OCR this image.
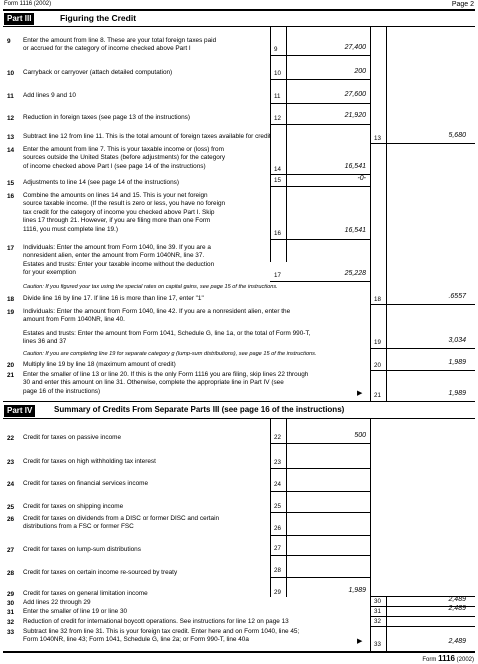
Form 1116 (2002)	Page 2
Part III	Figuring the Credit
9 Enter the amount from line 8. These are your total foreign taxes paid
or accrued for the category of income checked above Part I	9	27,400
10 Carryback or carryover (attach detailed computation)	10	200
11 Add lines 9 and 10	11	27,600
12 Reduction in foreign taxes (see page 13 of the instructions)	12	21,920
13 Subtract line 12 from line 11. This is the total amount of foreign taxes available for credit	13	5,680
14 Enter the amount from line 7. This is your taxable income or (loss) from
sources outside the United States (before adjustments) for the category
of income checked above Part I (see page 14 of the instructions)	14	16,541
15 Adjustments to line 14 (see page 14 of the instructions)	15	-0-
16 Combine the amounts on lines 14 and 15. This is your net foreign
source taxable income. (If the result is zero or less, you have no foreign
tax credit for the category of income you checked above Part I. Skip
lines 17 through 21. However, if you are filing more than one Form
1116, you must complete line 19.)
16	16,541
17 Individuals: Enter the amount from Form 1040, line 39. If you are a
nonresident alien, enter the amount from Form 1040NR, line 37.
Estates and trusts: Enter your taxable income without the deduction
for your exemption	17	25,228
Caution: If you figured your tax using the special rates on capital gains, see page 15 of the instructions.
18 Divide line 16 by line 17. If line 16 is more than line 17, enter "1"	18	.6557
19 Individuals: Enter the amount from Form 1040, line 42. If you are a nonresident alien, enter the
amount from Form 1040NR, line 40.
Estates and trusts: Enter the amount from Form 1041, Schedule G, line 1a, or the total of Form 990-T,
lines 36 and 37	19	3,034
Caution: If you are completing line 19 for separate category g (lump-sum distributions), see page 15 of the instructions.
20 Multiply line 19 by line 18 (maximum amount of credit)	20	1,989
21 Enter the smaller of line 13 or line 20. If this is the only Form 1116 you are filing, skip lines 22 through
30 and enter this amount on line 31. Otherwise, complete the appropriate line in Part IV (see
page 16 of the instructions)	▶ 21	1,989
Part IV	Summary of Credits From Separate Parts III (see page 16 of the instructions)
22 Credit for taxes on passive income	22	500
23 Credit for taxes on high withholding tax interest	23
24 Credit for taxes on financial services income	24
25 Credit for taxes on shipping income	25
26 Credit for taxes on dividends from a DISC or former DISC and certain
distributions from a FSC or former FSC	26
27 Credit for taxes on lump-sum distributions	27
28 Credit for taxes on certain income re-sourced by treaty	28
29 Credit for taxes on general limitation income	29	1,989
30 Add lines 22 through 29	30	2,489
31 Enter the smaller of line 19 or line 30	31	2,489
32 Reduction of credit for international boycott operations. See instructions for line 12 on page 13	32
33 Subtract line 32 from line 31. This is your foreign tax credit. Enter here and on Form 1040, line 45;
Form 1040NR, line 43; Form 1041, Schedule G, line 2a; or Form 990-T, line 40a	▶ 33	2,489
Form 1116 (2002)
